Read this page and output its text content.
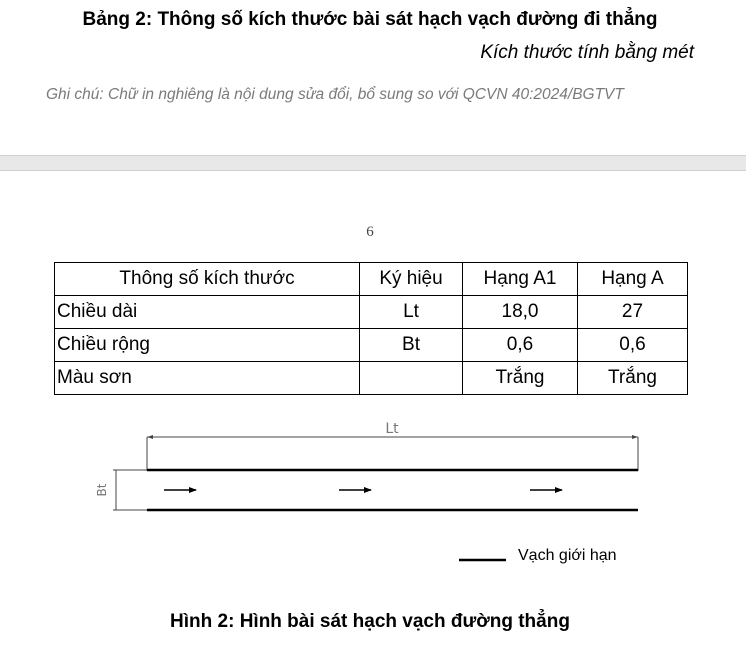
Bảng 2: Thông số kích thước bài sát hạch vạch đường đi thẳng
Kích thước tính bằng mét
Ghi chú: Chữ in nghiêng là nội dung sửa đổi, bổ sung so với QCVN 40:2024/BGTVT
6
Thông số kích thước	Ký hiệu	Hạng A1	Hạng A
Chiều dài	Lt	18,0	27
Chiều rộng	Bt	0,6	0,6
Màu sơn		Trắng	Trắng
Lt
Bt
Vạch giới hạn
Hình 2: Hình bài sát hạch vạch đường thẳng
